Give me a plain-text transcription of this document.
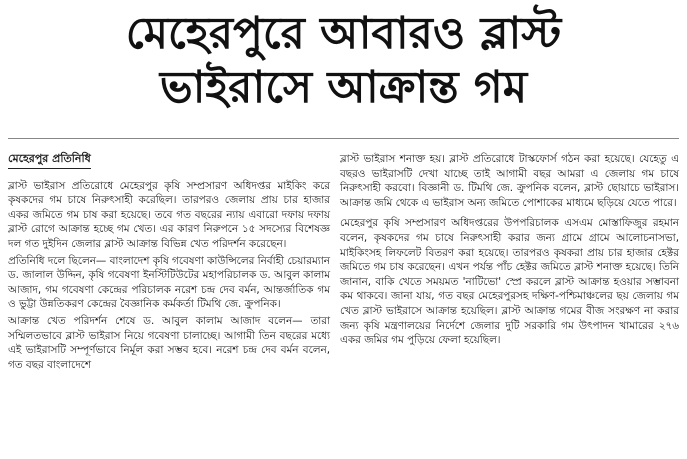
মেহেরপুরে আবারও ব্লাস্ট
ভাইরাসে আক্রান্ত গম
মেহেরপুর প্রতিনিধি

ব্লাস্ট ভাইরাস প্রতিরোধে মেহেরপুর কৃষি সম্প্রসারণ অধিদপ্তর মাইকিং করে কৃষকদের গম চাষে নিরুৎসাহী করেছিল। তারপরও জেলায় প্রায় চার হাজার একর জমিতে গম চাষ করা হয়েছে। তবে গত বছরের ন্যায় এবারো দফায় দফায় ব্লাস্ট রোগে আক্রান্ত হচ্ছে গম খেত। এর কারণ নিরুপনে ১৫ সদস্যের বিশেষজ্ঞ দল গত দুইদিন জেলার ব্লাস্ট আক্রান্ত বিভিন্ন খেত পরিদর্শন করেছেন।

প্রতিনিধি দলে ছিলেন— বাংলাদেশ কৃষি গবেষণা কাউন্সিলের নির্বাহী চেয়ারম্যান ড. জালাল উদ্দিন, কৃষি গবেষণা ইনস্টিটিউটের মহাপরিচালক ড. আবুল কালাম আজাদ, গম গবেষণা কেন্দ্রের পরিচালক নরেশ চন্দ্র দেব বর্মন, আন্তর্জাতিক গম ও ভুট্টা উন্নতিকরণ কেন্দ্রের বৈজ্ঞানিক কর্মকর্তা টিমথি জে. ক্রুপনিক।

আক্রান্ত খেত পরিদর্শন শেষে ড. আবুল কালাম আজাদ বলেন— তারা সম্মিলতভাবে ব্লাস্ট ভাইরাস নিয়ে গবেষণা চালাচ্ছে। আগামী তিন বছরের মধ্যে এই ভাইরাসটি সম্পূর্ণভাবে নির্মূল করা সম্ভব হবে। নরেশ চন্দ্র দেব বর্মন বলেন, গত বছর বাংলাদেশে

ব্লাস্ট ভাইরাস শনাক্ত হয়। ব্লাস্ট প্রতিরোধে টাস্কফোর্স গঠন করা হয়েছে। যেহেতু এ বছরও ভাইরাসটি দেখা যাচ্ছে তাই আগামী বছর আমরা এ জেলায় গম চাষে নিরুৎসাহী করবো। বিজ্ঞানী ড. টিমথি জে. ক্রুপনিক বলেন, ব্লাস্ট ছোয়াচে ভাইরাস। আক্রান্ত জমি থেকে এ ভাইরাস অন্য জমিতে পোশাকের মাধ্যমে ছড়িয়ে যেতে পারে।

মেহেরপুর কৃষি সম্প্রসারণ অধিদপ্তরের উপপরিচালক এসএম মোস্তাফিজুর রহমান বলেন, কৃষকদের গম চাষে নিরুৎসাহী করার জন্য গ্রামে গ্রামে আলোচনাসভা, মাইকিংসহ লিফলেট বিতরণ করা হয়েছে। তারপরও কৃষকরা প্রায় চার হাজার হেক্টর জমিতে গম চাষ করেছেন। এখন পর্যন্ত পাঁচ হেক্টর জমিতে ব্লাস্ট শনাক্ত হয়েছে। তিনি জানান, বাকি খেতে সময়মত 'নাটিভো' স্প্রে করলে ব্লাস্ট আক্রান্ত হওয়ার সম্ভাবনা কম থাকবে। জানা যায়, গত বছর মেহেরপুরসহ দক্ষিণ-পশ্চিমাঞ্চলের ছয় জেলায় গম খেত ব্লাস্ট ভাইরাসে আক্রান্ত হয়েছিল। ব্লাস্ট আক্রান্ত গমের বীজ সংরক্ষণ না করার জন্য কৃষি মন্ত্রণালয়ের নির্দেশে জেলার দুটি সরকারি গম উৎপাদন খামারের ২৭৬ একর জমির গম পুড়িয়ে ফেলা হয়েছিল।
